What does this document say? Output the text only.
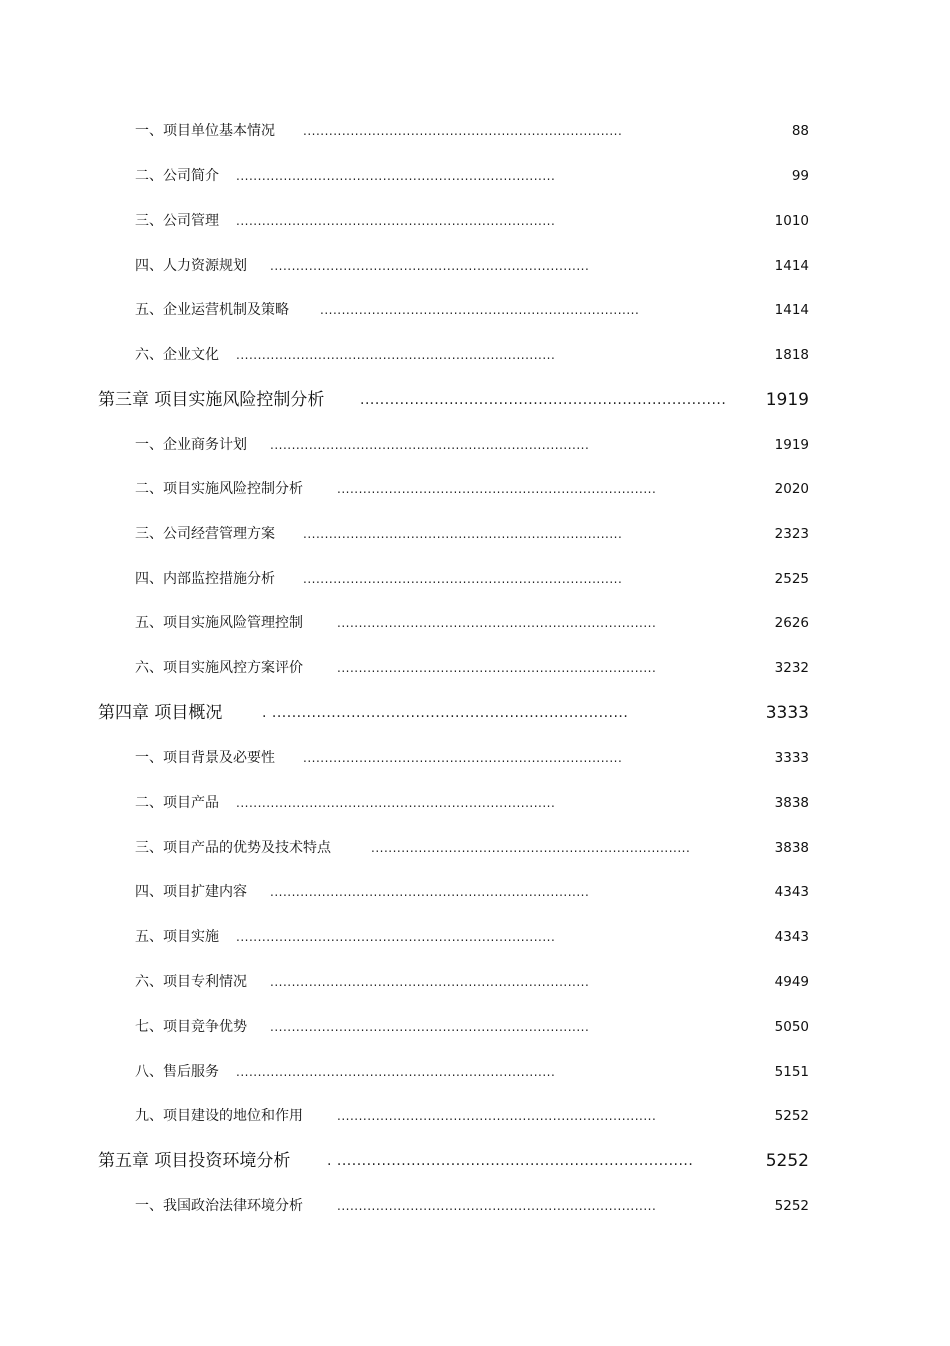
一、项目单位基本情况 ..........................................................................	88
二、公司简介 ..........................................................................	99
三、公司管理 ..........................................................................	1010
四、人力资源规划 ..........................................................................	1414
五、企业运营机制及策略	..........................................................................	1414
六、企业文化 ..........................................................................	1818
第三章 项目实施风险控制分析	.......................................................................... 1919
一、企业商务计划 ..........................................................................	1919
二、项目实施风险控制分析	..........................................................................	2020
三、公司经营管理方案 ..........................................................................	2323
四、内部监控措施分析 ..........................................................................	2525
五、项目实施风险管理控制	..........................................................................	2626
六、项目实施风控方案评价	..........................................................................	3232
第四章 项目概况	. ........................................................................	3333
一、项目背景及必要性 ..........................................................................	3333
二、项目产品 ..........................................................................	3838
三、项目产品的优势及技术特点	..........................................................................	3838
四、项目扩建内容 ..........................................................................	4343
五、项目实施 ..........................................................................	4343
六、项目专利情况 ..........................................................................	4949
七、项目竞争优势 ..........................................................................	5050
八、售后服务 ..........................................................................	5151
九、项目建设的地位和作用	..........................................................................	5252
第五章 项目投资环境分析	. ........................................................................	5252
一、我国政治法律环境分析	..........................................................................	5252
